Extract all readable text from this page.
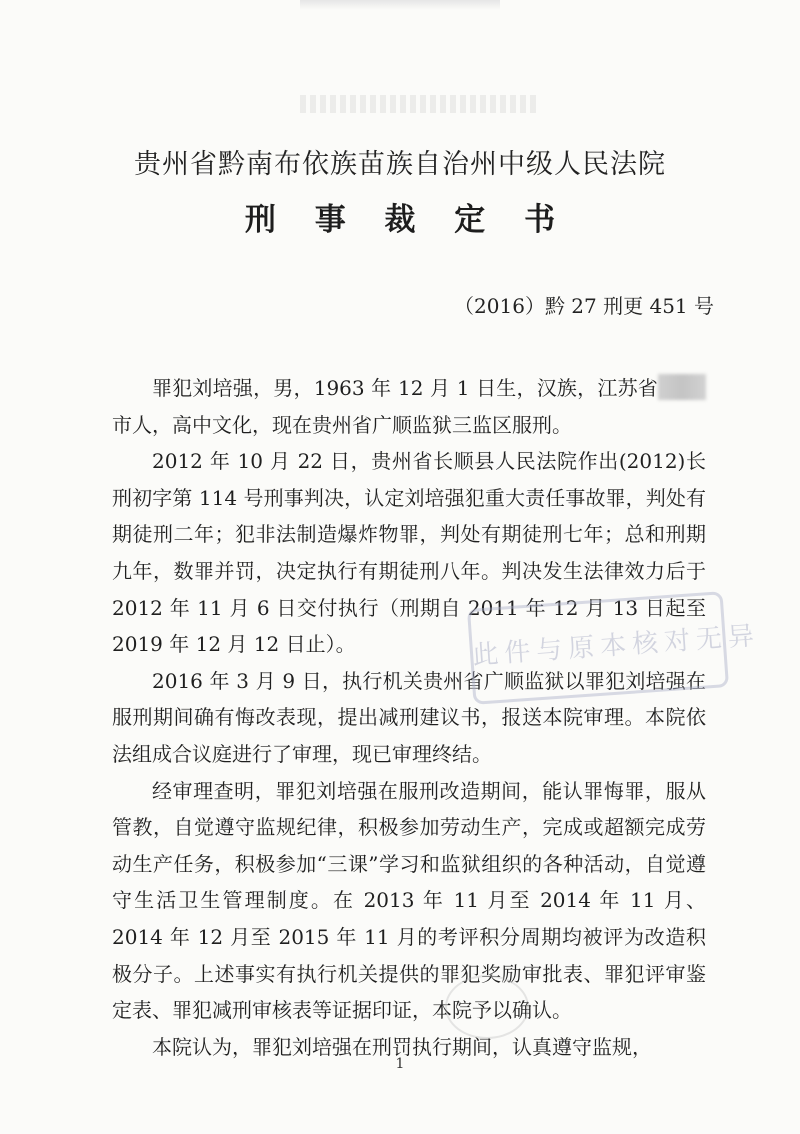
贵州省黔南布依族苗族自治州中级人民法院
刑 事 裁 定 书
（2016）黔 27 刑更 451 号

罪犯刘培强，男，1963 年 12 月 1 日生，汉族，江苏省市人，高中文化，现在贵州省广顺监狱三监区服刑。

2012 年 10 月 22 日，贵州省长顺县人民法院作出(2012)长刑初字第 114 号刑事判决，认定刘培强犯重大责任事故罪，判处有期徒刑二年；犯非法制造爆炸物罪，判处有期徒刑七年；总和刑期九年，数罪并罚，决定执行有期徒刑八年。判决发生法律效力后于 2012 年 11 月 6 日交付执行（刑期自 2011 年 12 月 13 日起至 2019 年 12 月 12 日止）。

2016 年 3 月 9 日，执行机关贵州省广顺监狱以罪犯刘培强在服刑期间确有悔改表现，提出减刑建议书，报送本院审理。本院依法组成合议庭进行了审理，现已审理终结。

经审理查明，罪犯刘培强在服刑改造期间，能认罪悔罪，服从管教，自觉遵守监规纪律，积极参加劳动生产，完成或超额完成劳动生产任务，积极参加“三课”学习和监狱组织的各种活动，自觉遵守生活卫生管理制度。在 2013 年 11 月至 2014 年 11 月、2014 年 12 月至 2015 年 11 月的考评积分周期均被评为改造积极分子。上述事实有执行机关提供的罪犯奖励审批表、罪犯评审鉴定表、罪犯减刑审核表等证据印证，本院予以确认。

本院认为，罪犯刘培强在刑罚执行期间，认真遵守监规，

此件与原本核对无异
1
